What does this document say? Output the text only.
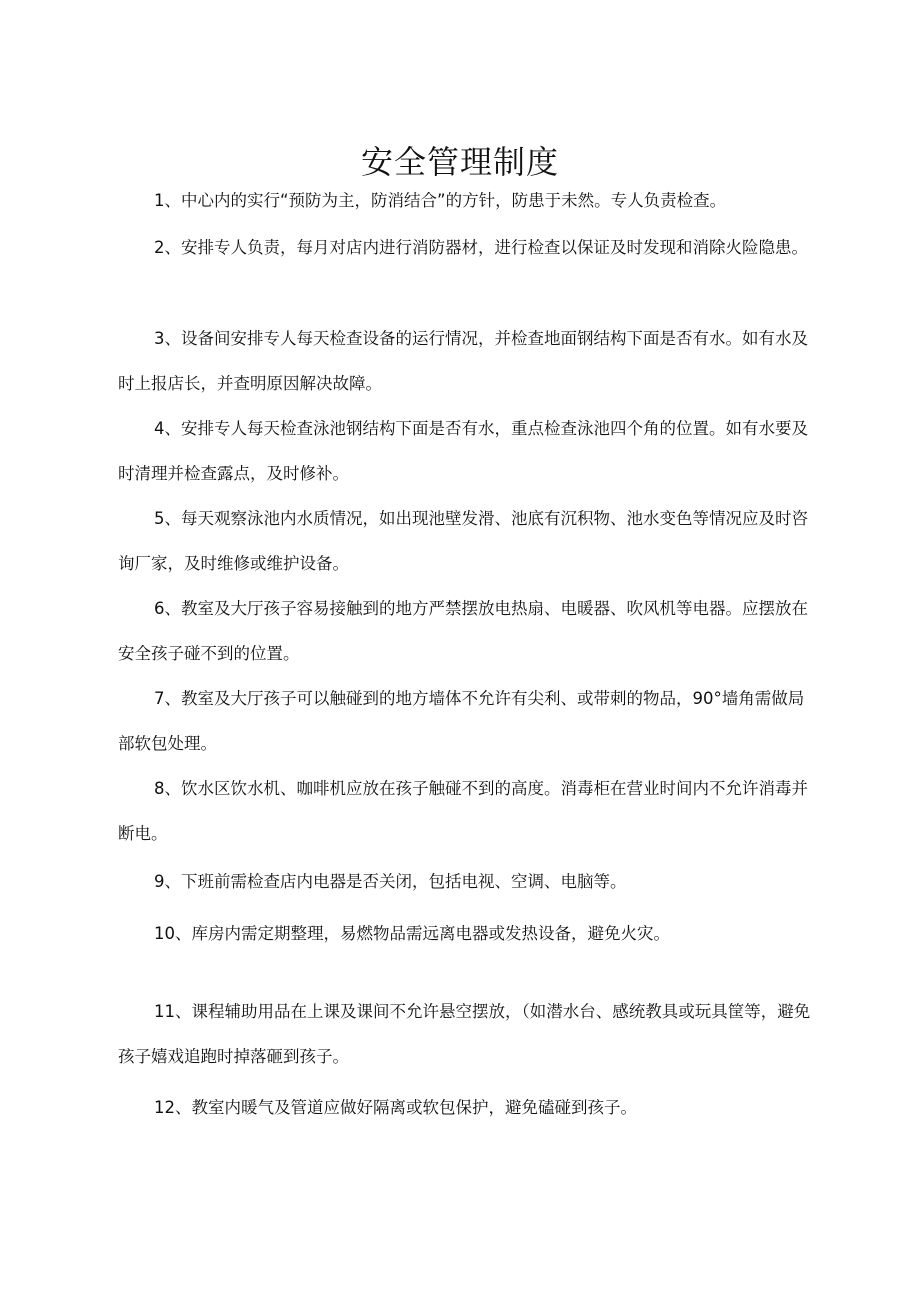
安全管理制度

1、中心内的实行“预防为主，防消结合”的方针，防患于未然。专人负责检查。

2、安排专人负责，每月对店内进行消防器材，进行检查以保证及时发现和消除火险隐患。

3、设备间安排专人每天检查设备的运行情况，并检查地面钢结构下面是否有水。如有水及时上报店长，并查明原因解决故障。

4、安排专人每天检查泳池钢结构下面是否有水，重点检查泳池四个角的位置。如有水要及时清理并检查露点，及时修补。

5、每天观察泳池内水质情况，如出现池壁发滑、池底有沉积物、池水变色等情况应及时咨询厂家，及时维修或维护设备。

6、教室及大厅孩子容易接触到的地方严禁摆放电热扇、电暖器、吹风机等电器。应摆放在安全孩子碰不到的位置。

7、教室及大厅孩子可以触碰到的地方墙体不允许有尖利、或带刺的物品，90°墙角需做局部软包处理。

8、饮水区饮水机、咖啡机应放在孩子触碰不到的高度。消毒柜在营业时间内不允许消毒并断电。

9、下班前需检查店内电器是否关闭，包括电视、空调、电脑等。

10、库房内需定期整理，易燃物品需远离电器或发热设备，避免火灾。

11、课程辅助用品在上课及课间不允许悬空摆放，（如潜水台、感统教具或玩具筐等，避免孩子嬉戏追跑时掉落砸到孩子。

12、教室内暖气及管道应做好隔离或软包保护，避免磕碰到孩子。
